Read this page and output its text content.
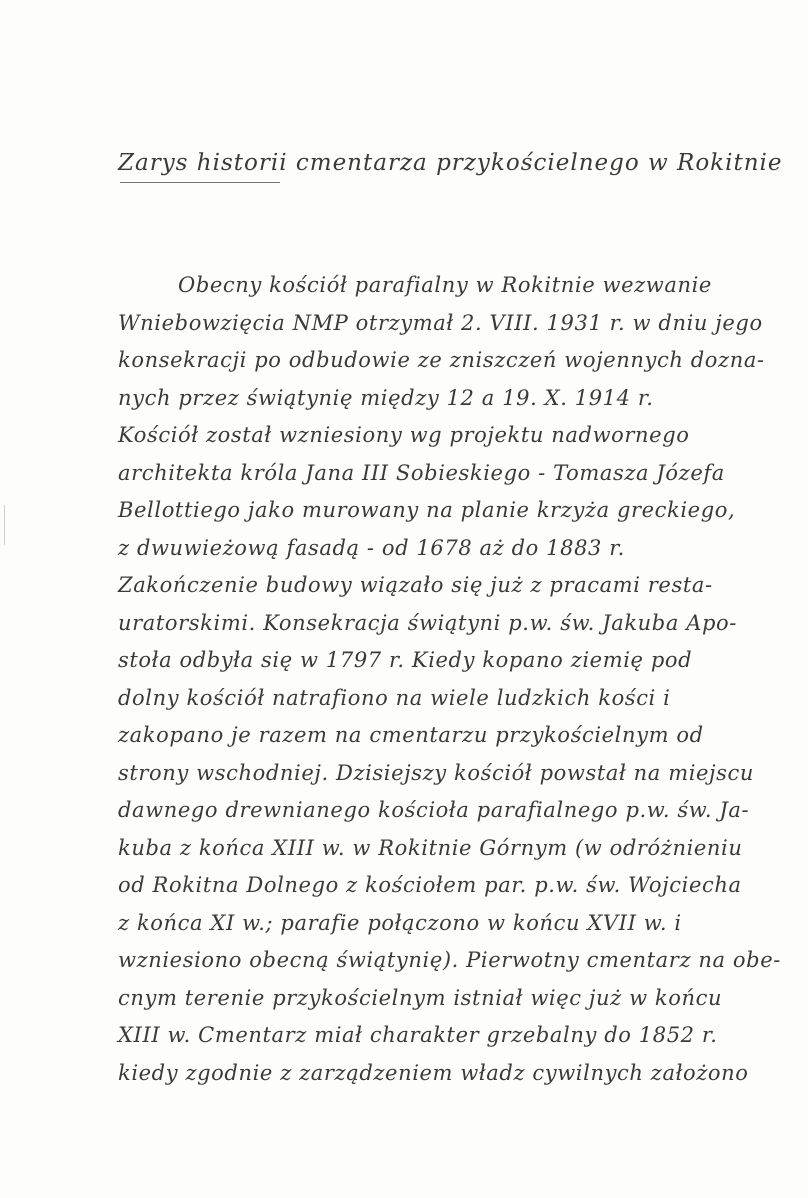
Zarys historii cmentarza przykościelnego w Rokitnie
Obecny kościół parafialny w Rokitnie wezwanie
Wniebowzięcia NMP otrzymał 2. VIII. 1931 r. w dniu jego
konsekracji po odbudowie ze zniszczeń wojennych dozna-
nych przez świątynię między 12 a 19. X. 1914 r.
Kościół został wzniesiony wg projektu nadwornego
architekta króla Jana III Sobieskiego - Tomasza Józefa
Bellottiego jako murowany na planie krzyża greckiego,
z dwuwieżową fasadą - od 1678 aż do 1883 r.
Zakończenie budowy wiązało się już z pracami resta-
uratorskimi. Konsekracja świątyni p.w. św. Jakuba Apo-
stoła odbyła się w 1797 r. Kiedy kopano ziemię pod
dolny kościół natrafiono na wiele ludzkich kości i
zakopano je razem na cmentarzu przykościelnym od
strony wschodniej. Dzisiejszy kościół powstał na miejscu
dawnego drewnianego kościoła parafialnego p.w. św. Ja-
kuba z końca XIII w. w Rokitnie Górnym (w odróżnieniu
od Rokitna Dolnego z kościołem par. p.w. św. Wojciecha
z końca XI w.; parafie połączono w końcu XVII w. i
wzniesiono obecną świątynię). Pierwotny cmentarz na obe-
cnym terenie przykościelnym istniał więc już w końcu
XIII w. Cmentarz miał charakter grzebalny do 1852 r.
kiedy zgodnie z zarządzeniem władz cywilnych założono
